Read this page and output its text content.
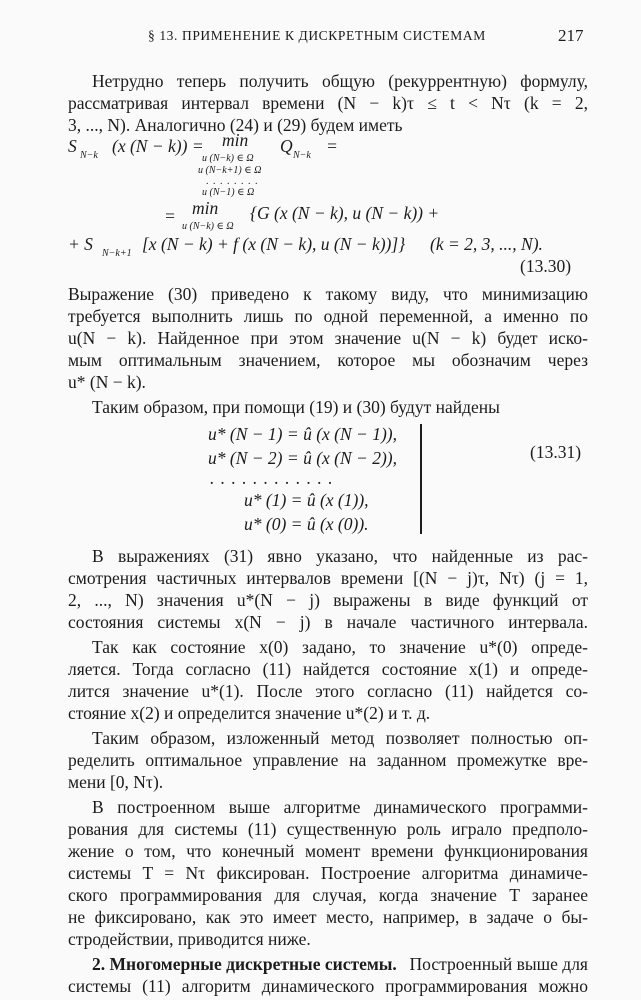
§ 13. ПРИМЕНЕНИЕ К ДИСКРЕТНЫМ СИСТЕМАМ	217
Нетрудно теперь получить общую (рекуррентную) формулу,
рассматривая интервал времени (N − k)τ ≤ t < Nτ (k = 2,
3, ..., N). Аналогично (24) и (29) будем иметь
S N−k (x (N − k)) = min Q N−k =
u (N−k) ∈ Ω
u (N−k+1) ∈ Ω
. . . . . . . .
u (N−1) ∈ Ω
= min
u (N−k) ∈ Ω
{G (x (N − k), u (N − k)) +
+ S N−k+1 [x (N − k) + f (x (N − k), u (N − k))]} (k = 2, 3, ..., N).
(13.30)
Выражение (30) приведено к такому виду, что минимизацию
требуется выполнить лишь по одной переменной, а именно по
u(N − k). Найденное при этом значение u(N − k) будет иско-
мым оптимальным значением, которое мы обозначим через
u* (N − k).
Таким образом, при помощи (19) и (30) будут найдены
u* (N − 1) = û (x (N − 1)),
u* (N − 2) = û (x (N − 2)),
. . . . . . . . . . . .
u* (1) = û (x (1)),
u* (0) = û (x (0)).
(13.31)
В выражениях (31) явно указано, что найденные из рас-
смотрения частичных интервалов времени [(N − j)τ, Nτ) (j = 1,
2, ..., N) значения u*(N − j) выражены в виде функций от
состояния системы x(N − j) в начале частичного интервала.
Так как состояние x(0) задано, то значение u*(0) опреде-
ляется. Тогда согласно (11) найдется состояние x(1) и опреде-
лится значение u*(1). После этого согласно (11) найдется со-
стояние x(2) и определится значение u*(2) и т. д.
Таким образом, изложенный метод позволяет полностью оп-
ределить оптимальное управление на заданном промежутке вре-
мени [0, Nτ).
В построенном выше алгоритме динамического программи-
рования для системы (11) существенную роль играло предполо-
жение о том, что конечный момент времени функционирования
системы T = Nτ фиксирован. Построение алгоритма динамиче-
ского программирования для случая, когда значение T заранее
не фиксировано, как это имеет место, например, в задаче о бы-
стродействии, приводится ниже.
2. Многомерные дискретные системы. Построенный выше для
системы (11) алгоритм динамического программирования можно
